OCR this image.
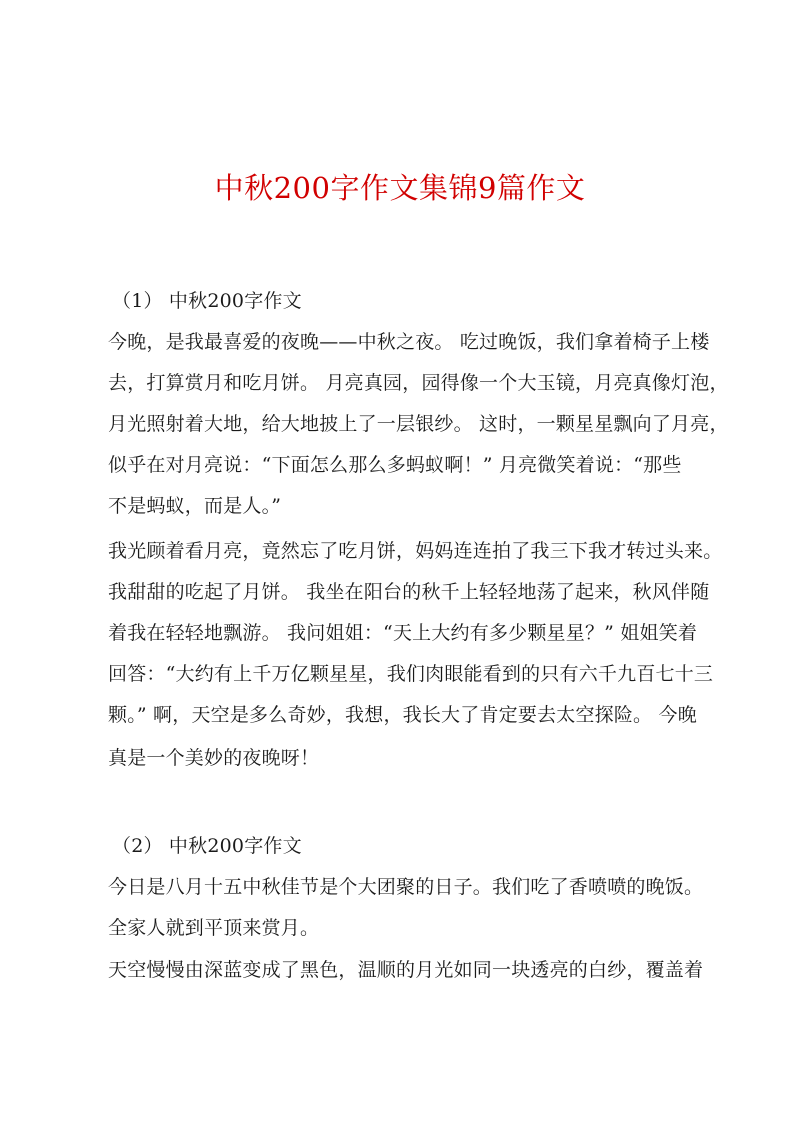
中秋200字作文集锦9篇作文
（1） 中秋200字作文
今晚，是我最喜爱的夜晚——中秋之夜。 吃过晚饭，我们拿着椅子上楼
去，打算赏月和吃月饼。 月亮真园，园得像一个大玉镜，月亮真像灯泡，
月光照射着大地，给大地披上了一层银纱。 这时，一颗星星飘向了月亮，
似乎在对月亮说：“下面怎么那么多蚂蚁啊！” 月亮微笑着说：“那些
不是蚂蚁，而是人。”
我光顾着看月亮，竟然忘了吃月饼，妈妈连连拍了我三下我才转过头来。
我甜甜的吃起了月饼。 我坐在阳台的秋千上轻轻地荡了起来，秋风伴随
着我在轻轻地飘游。 我问姐姐：“天上大约有多少颗星星？” 姐姐笑着
回答：“大约有上千万亿颗星星，我们肉眼能看到的只有六千九百七十三
颗。” 啊，天空是多么奇妙，我想，我长大了肯定要去太空探险。 今晚
真是一个美妙的夜晚呀！
（2） 中秋200字作文
今日是八月十五中秋佳节是个大团聚的日子。我们吃了香喷喷的晚饭。
全家人就到平顶来赏月。
天空慢慢由深蓝变成了黑色，温顺的月光如同一块透亮的白纱，覆盖着
